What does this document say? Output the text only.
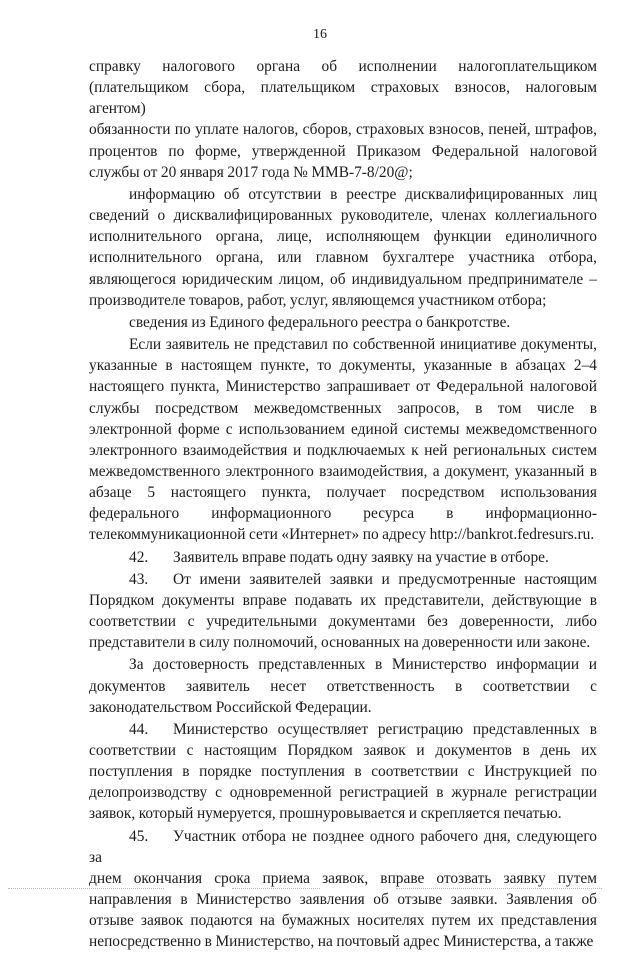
16

справку налогового органа об исполнении налогоплательщиком

(плательщиком сбора, плательщиком страховых взносов, налоговым агентом)

обязанности по уплате налогов, сборов, страховых взносов, пеней, штрафов,

процентов по форме, утвержденной Приказом Федеральной налоговой

службы от 20 января 2017 года № ММВ-7-8/20@;

информацию об отсутствии в реестре дисквалифицированных лиц

сведений о дисквалифицированных руководителе, членах коллегиального

исполнительного органа, лице, исполняющем функции единоличного

исполнительного органа, или главном бухгалтере участника отбора,

являющегося юридическим лицом, об индивидуальном предпринимателе –

производителе товаров, работ, услуг, являющемся участником отбора;

сведения из Единого федерального реестра о банкротстве.

Если заявитель не представил по собственной инициативе документы,

указанные в настоящем пункте, то документы, указанные в абзацах 2–4

настоящего пункта, Министерство запрашивает от Федеральной налоговой

службы посредством межведомственных запросов, в том числе в

электронной форме с использованием единой системы межведомственного

электронного взаимодействия и подключаемых к ней региональных систем

межведомственного электронного взаимодействия, а документ, указанный в

абзаце 5 настоящего пункта, получает посредством использования

федерального информационного ресурса в информационно-

телекоммуникационной сети «Интернет» по адресу http://bankrot.fedresurs.ru.

42. Заявитель вправе подать одну заявку на участие в отборе.

43. От имени заявителей заявки и предусмотренные настоящим

Порядком документы вправе подавать их представители, действующие в

соответствии с учредительными документами без доверенности, либо

представители в силу полномочий, основанных на доверенности или законе.

За достоверность представленных в Министерство информации и

документов заявитель несет ответственность в соответствии с

законодательством Российской Федерации.

44. Министерство осуществляет регистрацию представленных в

соответствии с настоящим Порядком заявок и документов в день их

поступления в порядке поступления в соответствии с Инструкцией по

делопроизводству с одновременной регистрацией в журнале регистрации

заявок, который нумеруется, прошнуровывается и скрепляется печатью.

45. Участник отбора не позднее одного рабочего дня, следующего за

днем окончания срока приема заявок, вправе отозвать заявку путем

направления в Министерство заявления об отзыве заявки. Заявления об

отзыве заявок подаются на бумажных носителях путем их представления

непосредственно в Министерство, на почтовый адрес Министерства, а также
